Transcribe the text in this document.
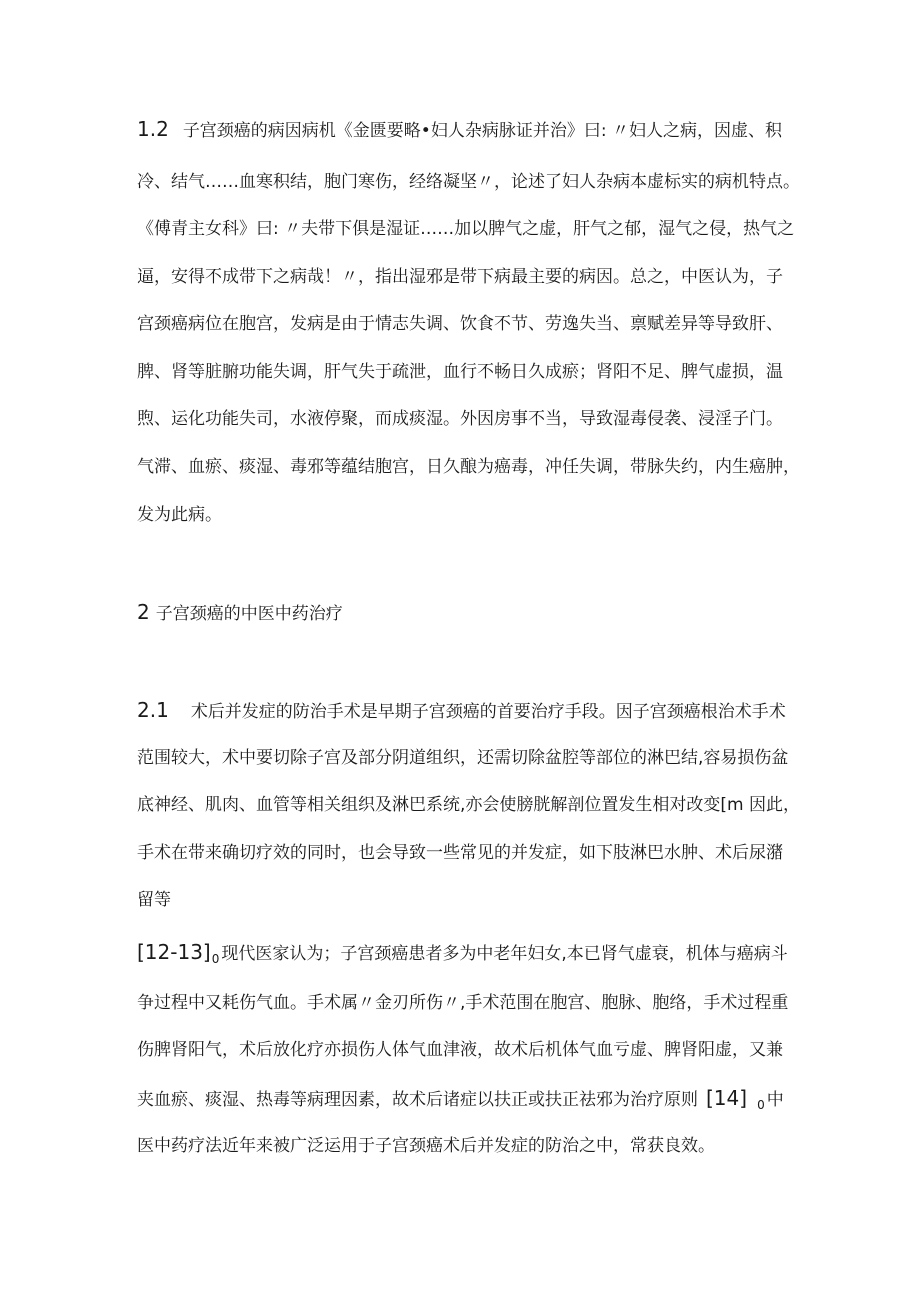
1.2 子宫颈癌的病因病机《金匮要略•妇人杂病脉证并治》曰: 〃妇人之病，因虚、积
冷、结气……血寒积结，胞门寒伤，经络凝坚〃，论述了妇人杂病本虚标实的病机特点。
《傅青主女科》曰: 〃夫带下俱是湿证……加以脾气之虚，肝气之郁，湿气之侵，热气之
逼，安得不成带下之病哉！〃，指出湿邪是带下病最主要的病因。总之，中医认为，子
宫颈癌病位在胞宫，发病是由于情志失调、饮食不节、劳逸失当、禀赋差异等导致肝、
脾、肾等脏腑功能失调，肝气失于疏泄，血行不畅日久成瘀；肾阳不足、脾气虚损，温
煦、运化功能失司，水液停聚，而成痰湿。外因房事不当，导致湿毒侵袭、浸淫子门。
气滞、血瘀、痰湿、毒邪等蕴结胞宫，日久酿为癌毒，冲任失调，带脉失约，内生癌肿，
发为此病。
2 子宫颈癌的中医中药治疗
2.1 术后并发症的防治手术是早期子宫颈癌的首要治疗手段。因子宫颈癌根治术手术
范围较大，术中要切除子宫及部分阴道组织，还需切除盆腔等部位的淋巴结,容易损伤盆
底神经、肌肉、血管等相关组织及淋巴系统,亦会使膀胱解剖位置发生相对改变[m 因此，
手术在带来确切疗效的同时，也会导致一些常见的并发症，如下肢淋巴水肿、术后尿潴
留等
$[12-13]_0$ 现代医家认为；子宫颈癌患者多为中老年妇女,本已肾气虚衰，机体与癌病斗
争过程中又耗伤气血。手术属〃金刃所伤〃,手术范围在胞宫、胞脉、胞络，手术过程重
伤脾肾阳气，术后放化疗亦损伤人体气血津液，故术后机体气血亏虚、脾肾阳虚，又兼
夹血瘀、痰湿、热毒等病理因素，故术后诸症以扶正或扶正祛邪为治疗原则 [14] $_0$ 中
医中药疗法近年来被广泛运用于子宫颈癌术后并发症的防治之中，常获良效。
